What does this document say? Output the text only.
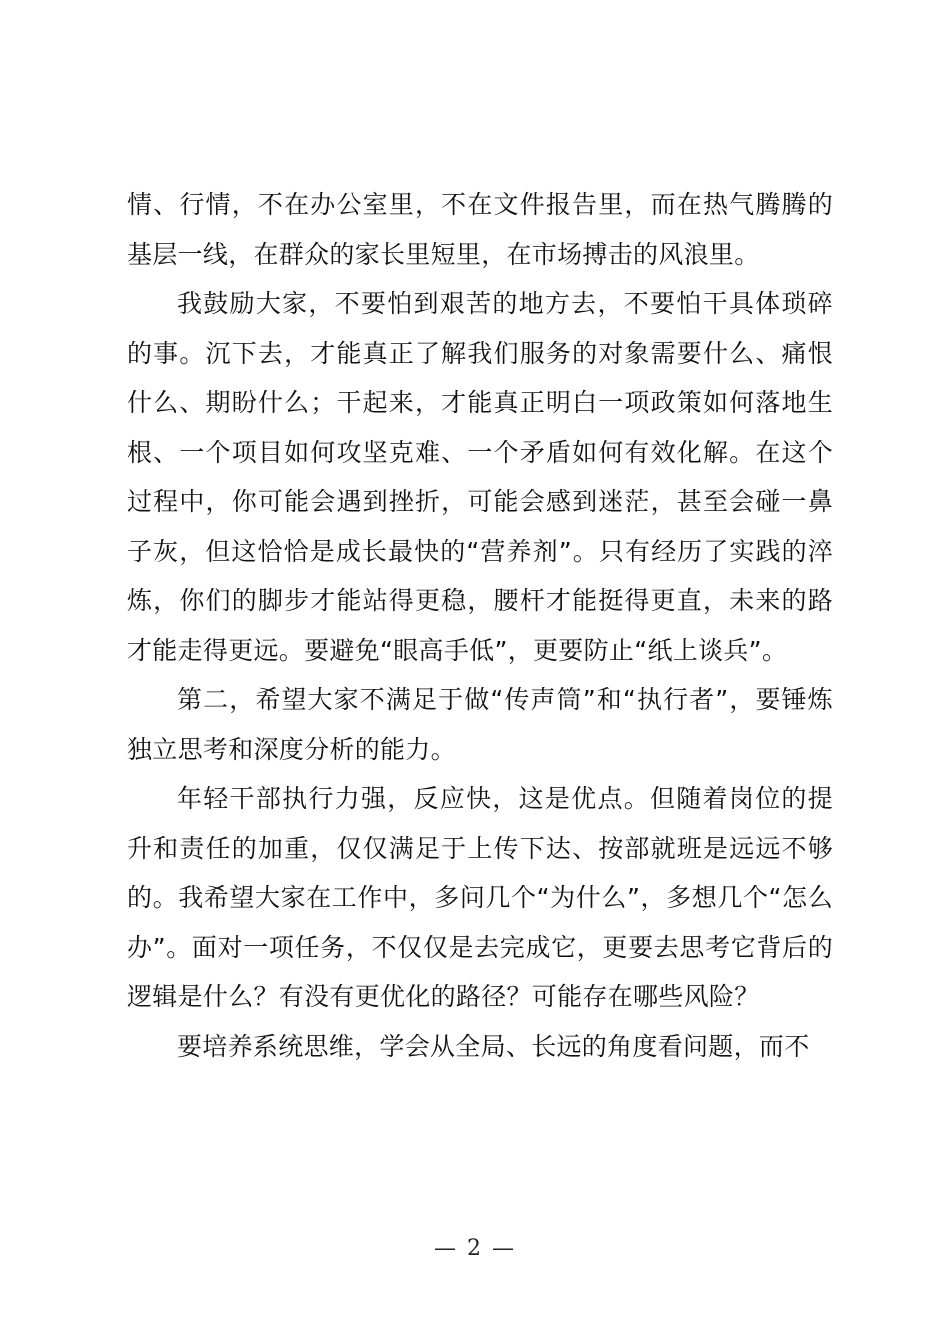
情、行情，不在办公室里，不在文件报告里，而在热气腾腾的基层一线，在群众的家长里短里，在市场搏击的风浪里。

我鼓励大家，不要怕到艰苦的地方去，不要怕干具体琐碎的事。沉下去，才能真正了解我们服务的对象需要什么、痛恨什么、期盼什么；干起来，才能真正明白一项政策如何落地生根、一个项目如何攻坚克难、一个矛盾如何有效化解。在这个过程中，你可能会遇到挫折，可能会感到迷茫，甚至会碰一鼻子灰，但这恰恰是成长最快的“营养剂”。只有经历了实践的淬炼，你们的脚步才能站得更稳，腰杆才能挺得更直，未来的路才能走得更远。要避免“眼高手低”，更要防止“纸上谈兵”。

第二，希望大家不满足于做“传声筒”和“执行者”，要锤炼独立思考和深度分析的能力。

年轻干部执行力强，反应快，这是优点。但随着岗位的提升和责任的加重，仅仅满足于上传下达、按部就班是远远不够的。我希望大家在工作中，多问几个“为什么”，多想几个“怎么办”。面对一项任务，不仅仅是去完成它，更要去思考它背后的逻辑是什么？有没有更优化的路径？可能存在哪些风险？

要培养系统思维，学会从全局、长远的角度看问题，而不

— 2 —
